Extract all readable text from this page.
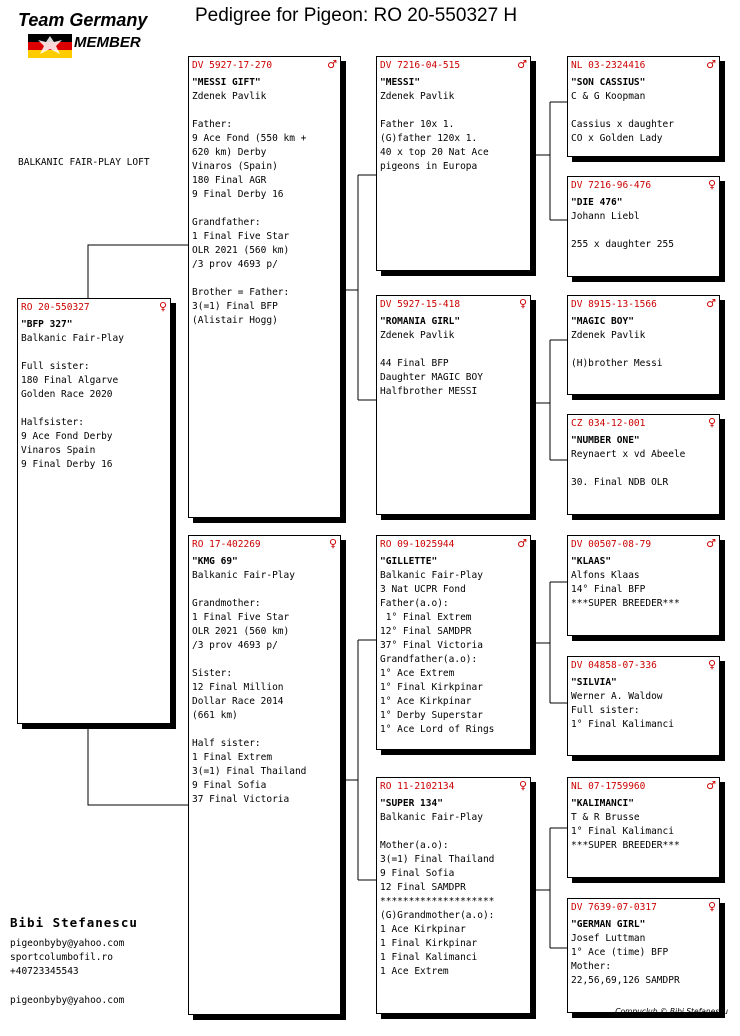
Team Germany
MEMBER
Pedigree for Pigeon: RO 20-550327 H
BALKANIC FAIR-PLAY LOFT
RO 20-550327	♀
"BFP 327"
Balkanic Fair-Play
Full sister:
180 Final Algarve
Golden Race 2020
Halfsister:
9 Ace Fond Derby
Vinaros Spain
9 Final Derby 16
DV 5927-17-270	♂
"MESSI GIFT"
Zdenek Pavlik
Father:
9 Ace Fond (550 km +
620 km) Derby
Vinaros (Spain)
180 Final AGR
9 Final Derby 16
Grandfather:
1 Final Five Star
OLR 2021 (560 km)
/3 prov 4693 p/
Brother = Father:
3(=1) Final BFP
(Alistair Hogg)
RO 17-402269	♀
"KMG 69"
Balkanic Fair-Play
Grandmother:
1 Final Five Star
OLR 2021 (560 km)
/3 prov 4693 p/
Sister:
12 Final Million
Dollar Race 2014
(661 km)
Half sister:
1 Final Extrem
3(=1) Final Thailand
9 Final Sofia
37 Final Victoria
DV 7216-04-515	♂
"MESSI"
Zdenek Pavlik
Father 10x 1.
(G)father 120x 1.
40 x top 20 Nat Ace
pigeons in Europa
DV 5927-15-418	♀
"ROMANIA GIRL"
Zdenek Pavlik
44 Final BFP
Daughter MAGIC BOY
Halfbrother MESSI
RO 09-1025944	♂
"GILLETTE"
Balkanic Fair-Play
3 Nat UCPR Fond
Father(a.o):
1° Final Extrem
12° Final SAMDPR
37° Final Victoria
Grandfather(a.o):
1° Ace Extrem
1° Final Kirkpinar
1° Ace Kirkpinar
1° Derby Superstar
1° Ace Lord of Rings
RO 11-2102134	♀
"SUPER 134"
Balkanic Fair-Play
Mother(a.o):
3(=1) Final Thailand
9 Final Sofia
12 Final SAMDPR
********************
(G)Grandmother(a.o):
1 Ace Kirkpinar
1 Final Kirkpinar
1 Final Kalimanci
1 Ace Extrem
NL 03-2324416	♂
"SON CASSIUS"
C & G Koopman
Cassius x daughter
CO x Golden Lady
DV 7216-96-476	♀
"DIE 476"
Johann Liebl
255 x daughter 255
DV 8915-13-1566	♂
"MAGIC BOY"
Zdenek Pavlik
(H)brother Messi
CZ 034-12-001	♀
"NUMBER ONE"
Reynaert x vd Abeele
30. Final NDB OLR
DV 00507-08-79	♂
"KLAAS"
Alfons Klaas
14° Final BFP
***SUPER BREEDER***
DV 04858-07-336	♀
"SILVIA"
Werner A. Waldow
Full sister:
1° Final Kalimanci
NL 07-1759960	♂
"KALIMANCI"
T & R Brusse
1° Final Kalimanci
***SUPER BREEDER***
DV 7639-07-0317	♀
"GERMAN GIRL"
Josef Luttman
1° Ace (time) BFP
Mother:
22,56,69,126 SAMDPR
Bibi Stefanescu
pigeonbyby@yahoo.com
sportcolumbofil.ro
+40723345543
pigeonbyby@yahoo.com
Compuclub © Bibi Stefanescu
